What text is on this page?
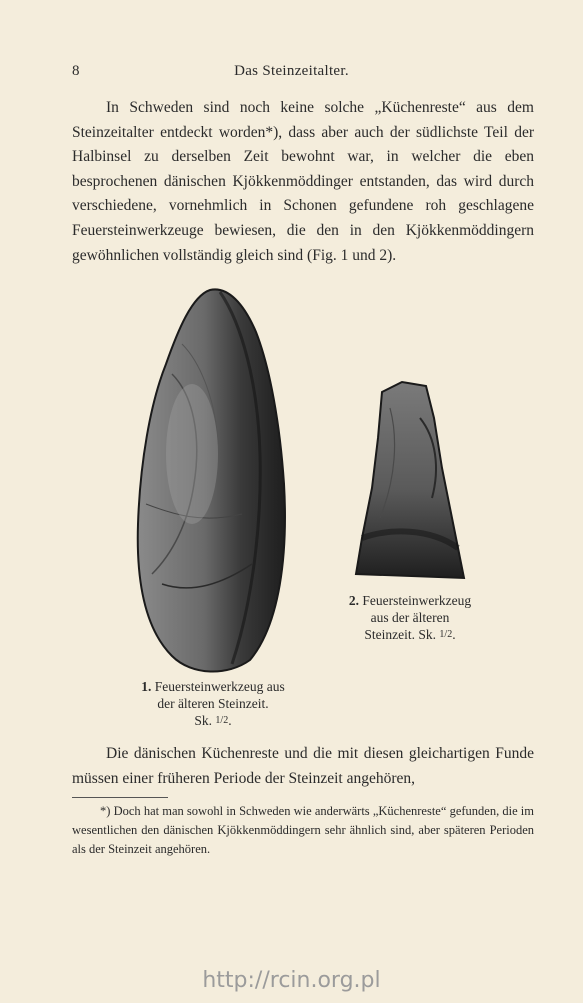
8	Das Steinzeitalter.

In Schweden sind noch keine solche „Küchenreste“ aus dem Steinzeitalter entdeckt worden*), dass aber auch der südlichste Teil der Halbinsel zu derselben Zeit bewohnt war, in welcher die eben besprochenen dänischen Kjökkenmöddinger entstanden, das wird durch verschiedene, vornehmlich in Schonen gefundene roh geschlagene Feuersteinwerkzeuge bewiesen, die den in den Kjökkenmöddingern gewöhnlichen vollständig gleich sind (Fig. 1 und 2).

1. Feuersteinwerkzeug aus
der älteren Steinzeit.
Sk. 1/2.
2. Feuersteinwerkzeug
aus der älteren
Steinzeit. Sk. 1/2.

Die dänischen Küchenreste und die mit diesen gleichartigen Funde müssen einer früheren Periode der Steinzeit angehören,

*) Doch hat man sowohl in Schweden wie anderwärts „Küchenreste“ gefunden, die im wesentlichen den dänischen Kjökkenmöddingern sehr ähnlich sind, aber späteren Perioden als der Steinzeit angehören.

http://rcin.org.pl
